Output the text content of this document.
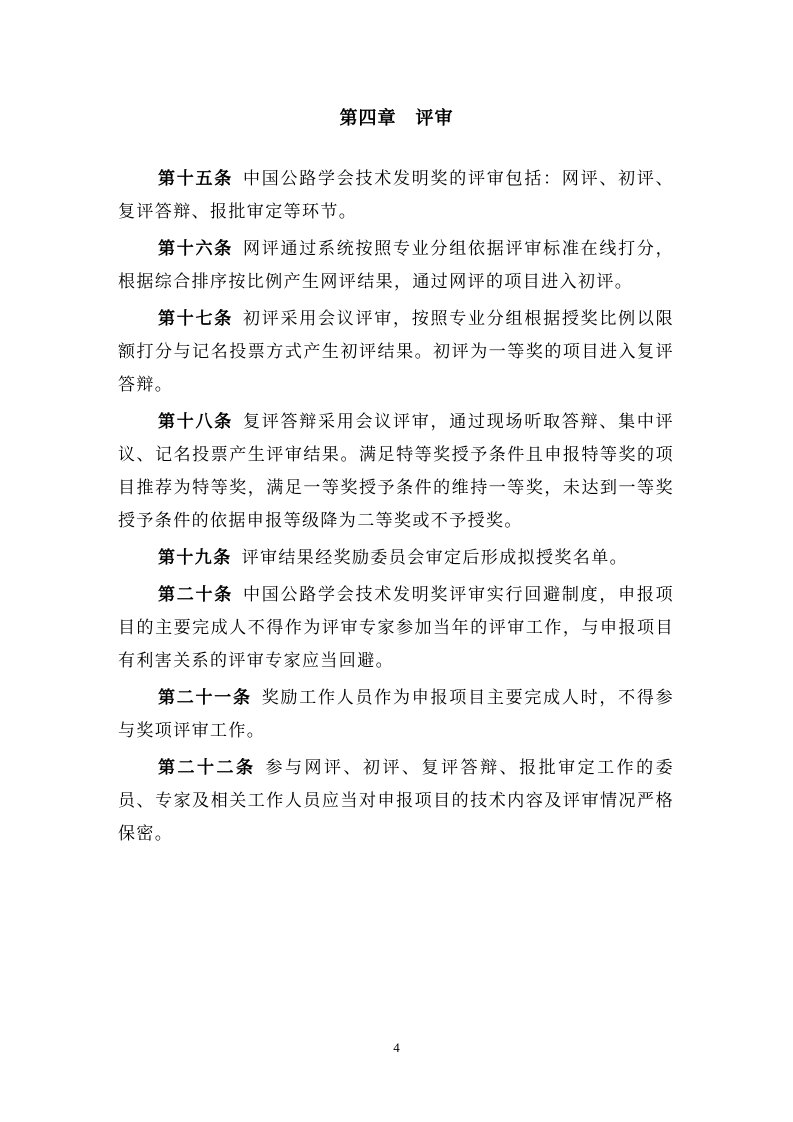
第四章　评审

第十五条 中国公路学会技术发明奖的评审包括：网评、初评、复评答辩、报批审定等环节。

第十六条 网评通过系统按照专业分组依据评审标准在线打分，根据综合排序按比例产生网评结果，通过网评的项目进入初评。

第十七条 初评采用会议评审，按照专业分组根据授奖比例以限额打分与记名投票方式产生初评结果。初评为一等奖的项目进入复评答辩。

第十八条 复评答辩采用会议评审，通过现场听取答辩、集中评议、记名投票产生评审结果。满足特等奖授予条件且申报特等奖的项目推荐为特等奖，满足一等奖授予条件的维持一等奖，未达到一等奖授予条件的依据申报等级降为二等奖或不予授奖。

第十九条 评审结果经奖励委员会审定后形成拟授奖名单。

第二十条 中国公路学会技术发明奖评审实行回避制度，申报项目的主要完成人不得作为评审专家参加当年的评审工作，与申报项目有利害关系的评审专家应当回避。

第二十一条 奖励工作人员作为申报项目主要完成人时，不得参与奖项评审工作。

第二十二条 参与网评、初评、复评答辩、报批审定工作的委员、专家及相关工作人员应当对申报项目的技术内容及评审情况严格保密。

4
